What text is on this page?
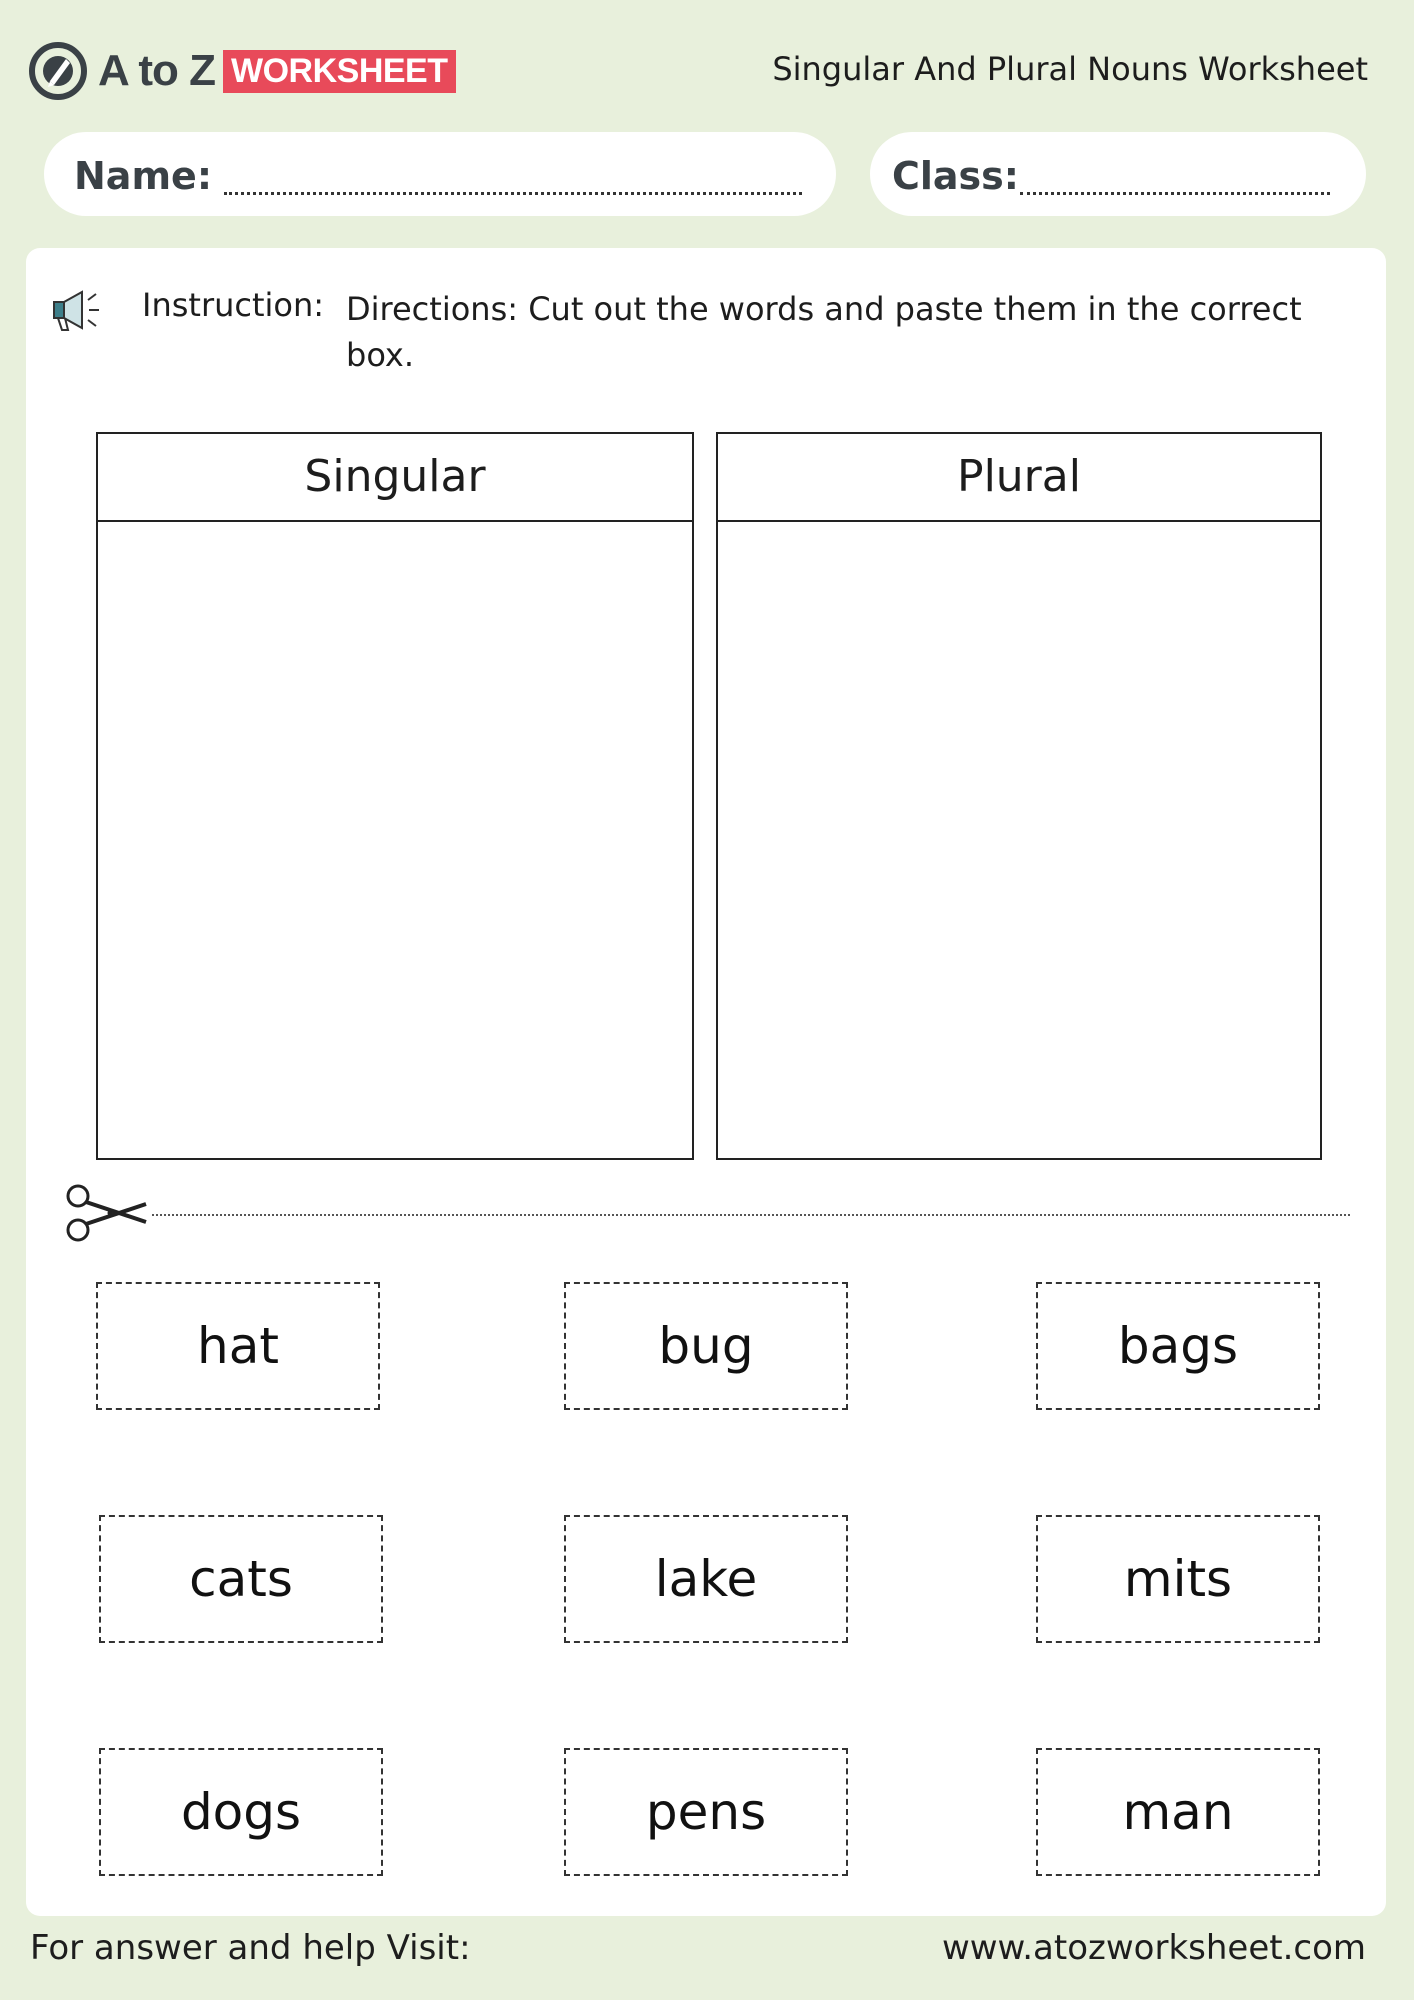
A to Z WORKSHEET	Singular And Plural Nouns Worksheet
Name:	Class:
Instruction: Directions: Cut out the words and paste them in the correct box.
Singular	Plural
hat	bug	bags
cats	lake	mits
dogs	pens	man
For answer and help Visit:	www.atozworksheet.com
